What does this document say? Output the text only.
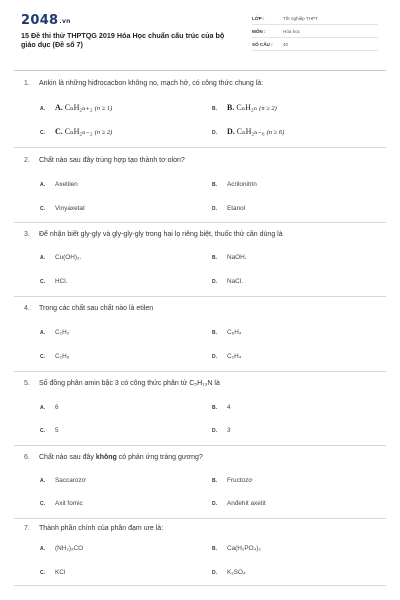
2048.vn
15 Đề thi thử THPTQG 2019 Hóa Học chuẩn cấu trúc của bộ giáo dục (Đề số 7)
LỚP :	Tốt nghiệp THPT
MÔN :	Hóa học
SỐ CÂU : 40
1. Ankin là những hiđrocacbon không no, mạch hở, có công thức chung là:
A. A. CₙH₂ₙ₊₂ (n ≥ 1)	B. B. CₙH₂ₙ (n ≥ 2)
C. C. CₙH₂ₙ₋₂ (n ≥ 2)	D. D. CₙH₂ₙ₋₆ (n ≥ 6)
2. Chất nào sau đây trùng hợp tạo thành tơ olon?
A. Axetilen	B. Acrilonitrin
C. Vinyaxetat	D. Etanol
3. Để nhận biết gly-gly và gly-gly-gly trong hai lọ riêng biệt, thuốc thử cần dùng là
A. Cu(OH)₂.	B. NaOH.
C. HCl.	D. NaCl.
4. Trong các chất sau chất nào là etilen
A. C₂H₂	B. C₆H₄
C. C₂H₆	D. C₂H₄
5. Số đồng phân amin bậc 3 có công thức phân tử C₅H₁₃N là
A. 6	B. 4
C. 5	D. 3
6. Chất nào sau đây không có phản ứng tráng gương?
A. Saccarozơ	B. Fructozơ
C. Axit fomic	D. Anđehit axetit
7. Thành phần chính của phân đạm ure là:
A. (NH₂)₂CO	B. Ca(H₂PO₄)₂
C. KCl	D. K₂SO₄
